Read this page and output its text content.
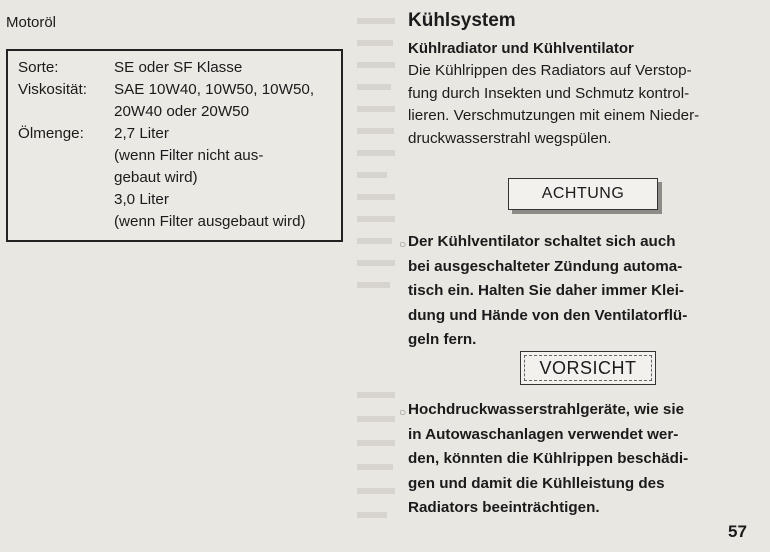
Motoröl
Sorte:	SE oder SF Klasse
Viskosität: SAE 10W40, 10W50, 10W50,
20W40 oder 20W50
Ölmenge: 2,7 Liter
(wenn Filter nicht aus-
gebaut wird)
3,0 Liter
(wenn Filter ausgebaut wird)
Kühlsystem
Kühlradiator und Kühlventilator
Die Kühlrippen des Radiators auf Verstop-
fung durch Insekten und Schmutz kontrol-
lieren. Verschmutzungen mit einem Nieder-
druckwasserstrahl wegspülen.
ACHTUNG
○ Der Kühlventilator schaltet sich auch
bei ausgeschalteter Zündung automa-
tisch ein. Halten Sie daher immer Klei-
dung und Hände von den Ventilatorflü-
geln fern.
VORSICHT
○ Hochdruckwasserstrahlgeräte, wie sie
in Autowaschanlagen verwendet wer-
den, könnten die Kühlrippen beschädi-
gen und damit die Kühlleistung des
Radiators beeinträchtigen.
57
